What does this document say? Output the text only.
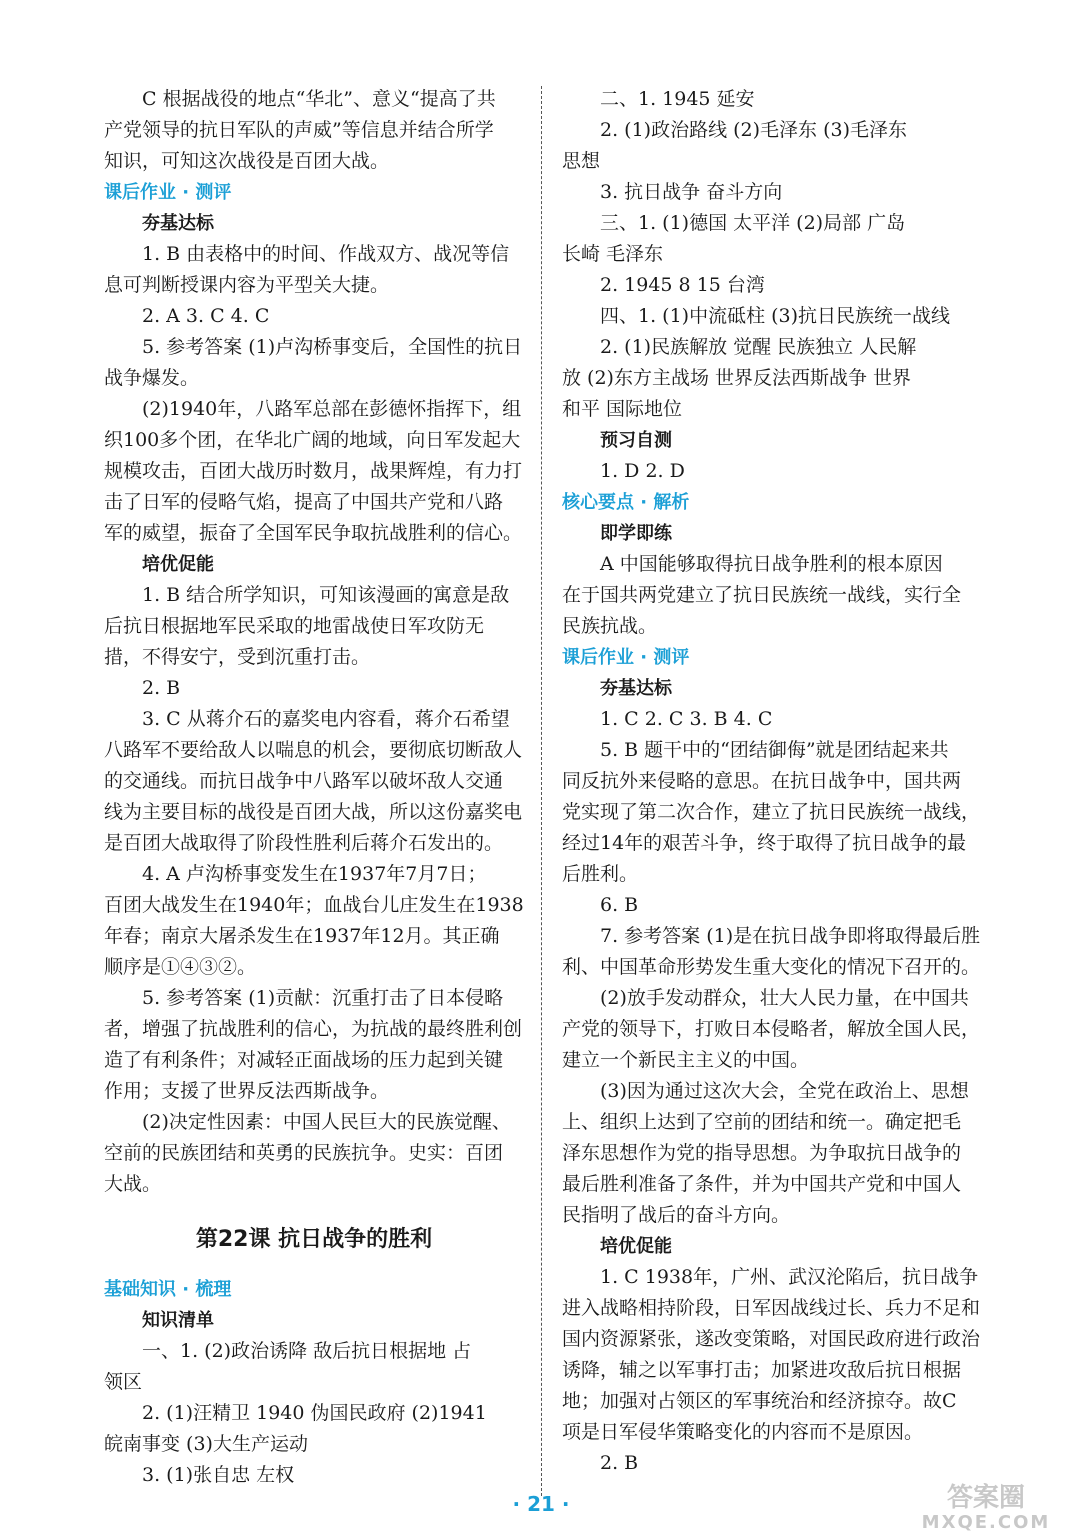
C 根据战役的地点“华北”、意义“提高了共
产党领导的抗日军队的声威”等信息并结合所学
知识，可知这次战役是百团大战。
课后作业 · 测评
夯基达标
1. B 由表格中的时间、作战双方、战况等信
息可判断授课内容为平型关大捷。
2. A 3. C 4. C
5. 参考答案 (1)卢沟桥事变后，全国性的抗日
战争爆发。
(2)1940年，八路军总部在彭德怀指挥下，组
织100多个团，在华北广阔的地域，向日军发起大
规模攻击，百团大战历时数月，战果辉煌，有力打
击了日军的侵略气焰，提高了中国共产党和八路
军的威望，振奋了全国军民争取抗战胜利的信心。
培优促能
1. B 结合所学知识，可知该漫画的寓意是敌
后抗日根据地军民采取的地雷战使日军攻防无
措，不得安宁，受到沉重打击。
2. B
3. C 从蒋介石的嘉奖电内容看，蒋介石希望
八路军不要给敌人以喘息的机会，要彻底切断敌人
的交通线。而抗日战争中八路军以破坏敌人交通
线为主要目标的战役是百团大战，所以这份嘉奖电
是百团大战取得了阶段性胜利后蒋介石发出的。
4. A 卢沟桥事变发生在1937年7月7日；
百团大战发生在1940年；血战台儿庄发生在1938
年春；南京大屠杀发生在1937年12月。其正确
顺序是①④③②。
5. 参考答案 (1)贡献：沉重打击了日本侵略
者，增强了抗战胜利的信心，为抗战的最终胜利创
造了有利条件；对减轻正面战场的压力起到关键
作用；支援了世界反法西斯战争。
(2)决定性因素：中国人民巨大的民族觉醒、
空前的民族团结和英勇的民族抗争。史实：百团
大战。
第22课 抗日战争的胜利
基础知识 · 梳理
知识清单
一、1. (2)政治诱降 敌后抗日根据地 占
领区
2. (1)汪精卫 1940 伪国民政府 (2)1941
皖南事变 (3)大生产运动
3. (1)张自忠 左权
二、1. 1945 延安
2. (1)政治路线 (2)毛泽东 (3)毛泽东
思想
3. 抗日战争 奋斗方向
三、1. (1)德国 太平洋 (2)局部 广岛
长崎 毛泽东
2. 1945 8 15 台湾
四、1. (1)中流砥柱 (3)抗日民族统一战线
2. (1)民族解放 觉醒 民族独立 人民解
放 (2)东方主战场 世界反法西斯战争 世界
和平 国际地位
预习自测
1. D 2. D
核心要点 · 解析
即学即练
A 中国能够取得抗日战争胜利的根本原因
在于国共两党建立了抗日民族统一战线，实行全
民族抗战。
课后作业 · 测评
夯基达标
1. C 2. C 3. B 4. C
5. B 题干中的“团结御侮”就是团结起来共
同反抗外来侵略的意思。在抗日战争中，国共两
党实现了第二次合作，建立了抗日民族统一战线，
经过14年的艰苦斗争，终于取得了抗日战争的最
后胜利。
6. B
7. 参考答案 (1)是在抗日战争即将取得最后胜
利、中国革命形势发生重大变化的情况下召开的。
(2)放手发动群众，壮大人民力量，在中国共
产党的领导下，打败日本侵略者，解放全国人民，
建立一个新民主主义的中国。
(3)因为通过这次大会，全党在政治上、思想
上、组织上达到了空前的团结和统一。确定把毛
泽东思想作为党的指导思想。为争取抗日战争的
最后胜利准备了条件，并为中国共产党和中国人
民指明了战后的奋斗方向。
培优促能
1. C 1938年，广州、武汉沦陷后，抗日战争
进入战略相持阶段，日军因战线过长、兵力不足和
国内资源紧张，遂改变策略，对国民政府进行政治
诱降，辅之以军事打击；加紧进攻敌后抗日根据
地；加强对占领区的军事统治和经济掠夺。故C
项是日军侵华策略变化的内容而不是原因。
2. B
· 21 ·	答案圈
MXQE.COM
